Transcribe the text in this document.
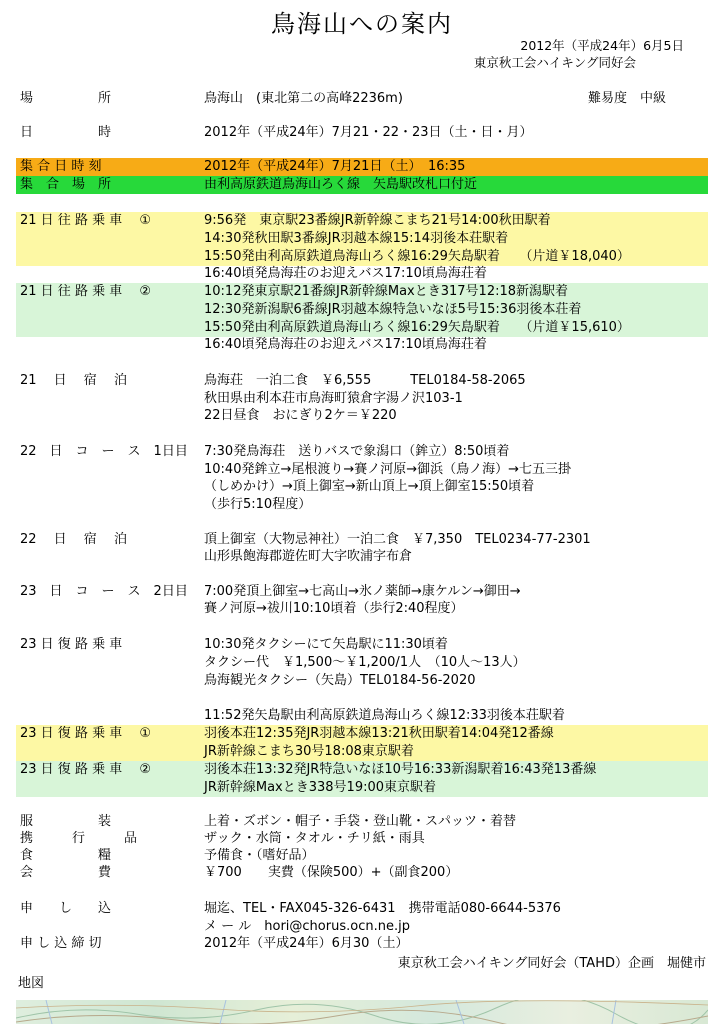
鳥海山への案内
2012年（平成24年）6月5日
東京秋工会ハイキング同好会
場　　　　　所	鳥海山　(東北第二の高峰2236m)	難易度　中級
日　　　　　時	2012年（平成24年）7月21・22・23日（土・日・月）
集 合 日 時 刻	2012年（平成24年）7月21日（土）　16:35
集　合　場　所	由利高原鉄道鳥海山ろく線　矢島駅改札口付近
21 日 往 路 乗 車　 ①	9:56発　東京駅23番線JR新幹線こまち21号14:00秋田駅着
14:30発秋田駅3番線JR羽越本線15:14羽後本荘駅着
15:50発由利高原鉄道鳥海山ろく線16:29矢島駅着　　（片道￥18,040）
16:40頃発鳥海荘のお迎えバス17:10頃鳥海荘着
21 日 往 路 乗 車　 ②	10:12発東京駅21番線JR新幹線Maxとき317号12:18新潟駅着
12:30発新潟駅6番線JR羽越本線特急いなほ5号15:36羽後本荘着
15:50発由利高原鉄道鳥海山ろく線16:29矢島駅着　　（片道￥15,610）
16:40頃発鳥海荘のお迎えバス17:10頃鳥海荘着
21　 日　 宿　 泊	鳥海荘　一泊二食　￥6,555　　　TEL0184-58-2065
秋田県由利本荘市鳥海町猿倉字湯ノ沢103-1
22日昼食　おにぎり2ケ＝￥220
22　日　コ　ー　ス　1日目 7:30発鳥海荘　送りバスで象潟口（鉾立）8:50頃着
10:40発鉾立→尾根渡り→賽ノ河原→御浜（鳥ノ海）→七五三掛
（しめかけ）→頂上御室→新山頂上→頂上御室15:50頃着
（歩行5:10程度）
22　 日　 宿　 泊	頂上御室（大物忌神社）一泊二食　￥7,350　TEL0234-77-2301
山形県飽海郡遊佐町大字吹浦字布倉
23　日　コ　ー　ス　2日目 7:00発頂上御室→七高山→氷ノ薬師→康ケルン→御田→
賽ノ河原→祓川10:10頃着（歩行2:40程度）
23 日 復 路 乗 車	10:30発タクシーにて矢島駅に11:30頃着
タクシー代　￥1,500～￥1,200/1人　（10人～13人）
鳥海観光タクシー（矢島）TEL0184-56-2020
11:52発矢島駅由利高原鉄道鳥海山ろく線12:33羽後本荘駅着
23 日 復 路 乗 車　 ①	羽後本荘12:35発JR羽越本線13:21秋田駅着14:04発12番線
JR新幹線こまち30号18:08東京駅着
23 日 復 路 乗 車　 ②	羽後本荘13:32発JR特急いなほ10号16:33新潟駅着16:43発13番線
JR新幹線Maxとき338号19:00東京駅着
服　　　　　装	上着・ズボン・帽子・手袋・登山靴・スパッツ・着替
携　　　行　　　品	ザック・水筒・タオル・チリ紙・雨具
食　　　　　糧	予備食・（嗜好品）
会　　　　　費	￥700　　実費（保険500）+（副食200）
申　　し　　込	堀迄、TEL・FAX045-326-6431　携帯電話080-6644-5376
メ ー ル　hori@chorus.ocn.ne.jp
申 し 込 締 切	2012年（平成24年）6月30（土）
東京秋工会ハイキング同好会（TAHD）企画　堀健市
地図
